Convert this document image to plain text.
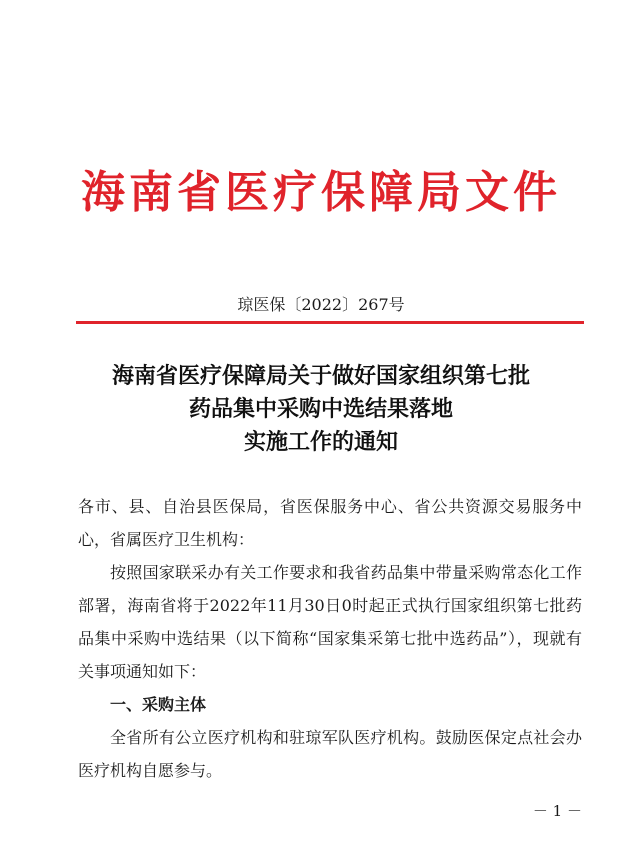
海南省医疗保障局文件
琼医保〔2022〕267号
海南省医疗保障局关于做好国家组织第七批
药品集中采购中选结果落地
实施工作的通知

各市、县、自治县医保局，省医保服务中心、省公共资源交易服务中心，省属医疗卫生机构：

按照国家联采办有关工作要求和我省药品集中带量采购常态化工作部署，海南省将于2022年11月30日0时起正式执行国家组织第七批药品集中采购中选结果（以下简称“国家集采第七批中选药品”），现就有关事项通知如下：

一、采购主体

全省所有公立医疗机构和驻琼军队医疗机构。鼓励医保定点社会办医疗机构自愿参与。

－ 1 －
